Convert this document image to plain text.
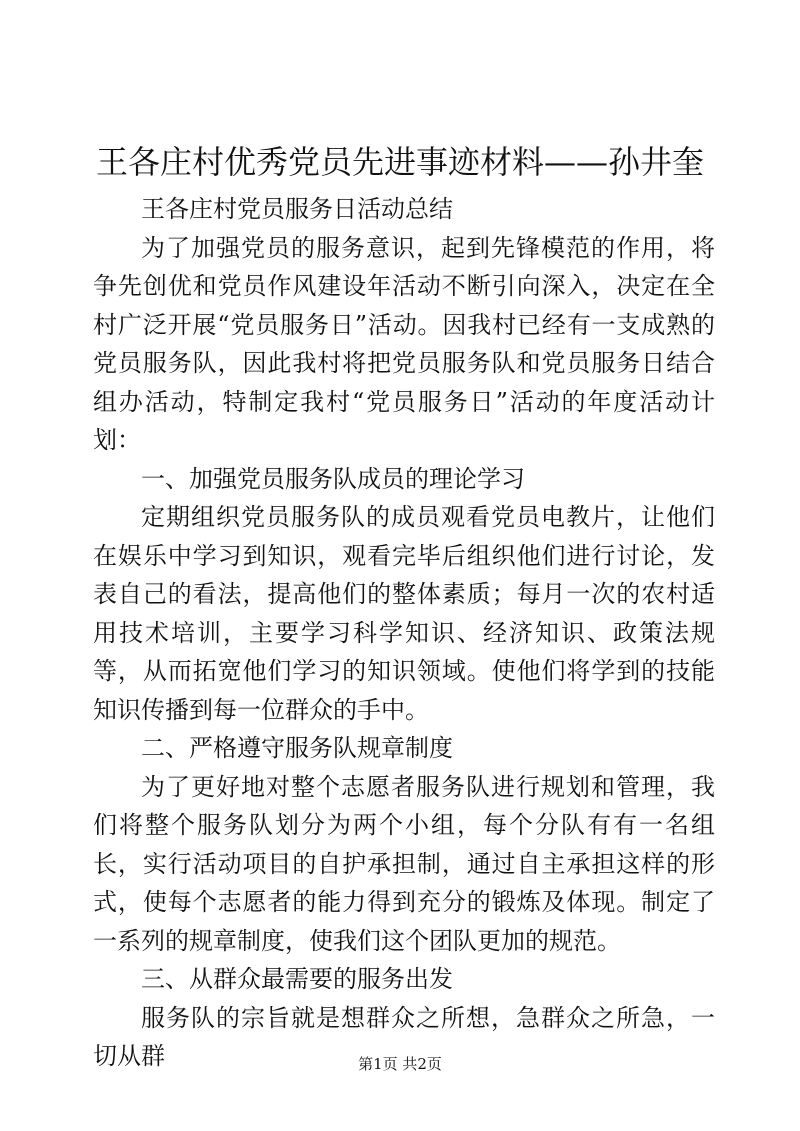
王各庄村优秀党员先进事迹材料——孙井奎

王各庄村党员服务日活动总结

为了加强党员的服务意识，起到先锋模范的作用，将争先创优和党员作风建设年活动不断引向深入，决定在全村广泛开展“党员服务日”活动。因我村已经有一支成熟的党员服务队，因此我村将把党员服务队和党员服务日结合组办活动，特制定我村“党员服务日”活动的年度活动计划：

一、加强党员服务队成员的理论学习

定期组织党员服务队的成员观看党员电教片，让他们在娱乐中学习到知识，观看完毕后组织他们进行讨论，发表自己的看法，提高他们的整体素质；每月一次的农村适用技术培训，主要学习科学知识、经济知识、政策法规等，从而拓宽他们学习的知识领域。使他们将学到的技能知识传播到每一位群众的手中。

二、严格遵守服务队规章制度

为了更好地对整个志愿者服务队进行规划和管理，我们将整个服务队划分为两个小组，每个分队有有一名组长，实行活动项目的自护承担制，通过自主承担这样的形式，使每个志愿者的能力得到充分的锻炼及体现。制定了一系列的规章制度，使我们这个团队更加的规范。

三、从群众最需要的服务出发

服务队的宗旨就是想群众之所想，急群众之所急，一切从群	第1页 共2页
